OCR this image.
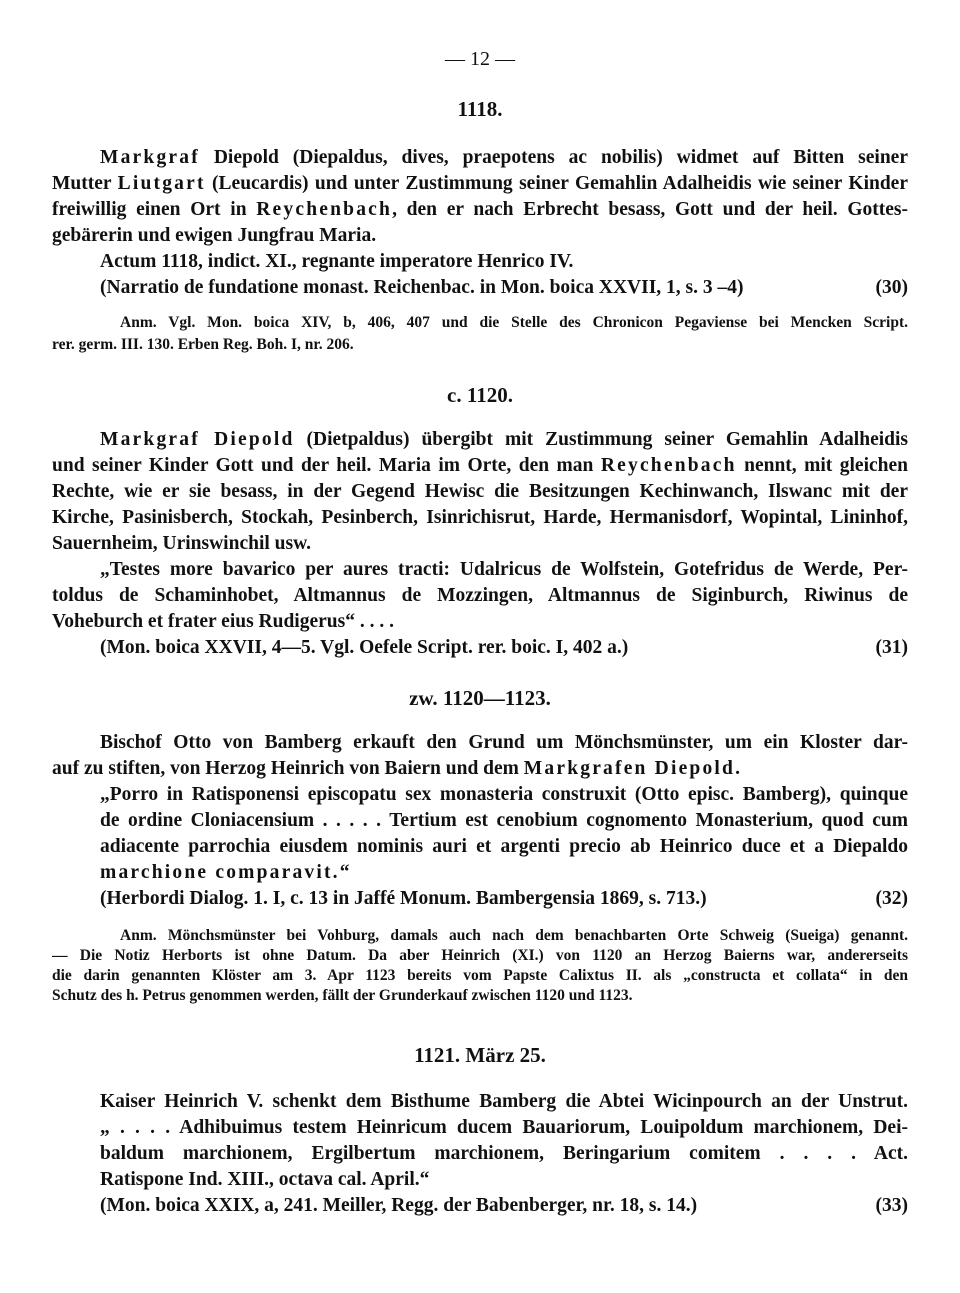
— 12 —
1118.
Markgraf Diepold (Diepaldus, dives, praepotens ac nobilis) widmet auf Bitten seiner
Mutter Liutgart (Leucardis) und unter Zustimmung seiner Gemahlin Adalheidis wie seiner Kinder
freiwillig einen Ort in Reychenbach, den er nach Erbrecht besass, Gott und der heil. Gottes-
gebärerin und ewigen Jungfrau Maria.
Actum 1118, indict. XI., regnante imperatore Henrico IV.
(Narratio de fundatione monast. Reichenbac. in Mon. boica XXVII, 1, s. 3 –4)	(30)
Anm. Vgl. Mon. boica XIV, b, 406, 407 und die Stelle des Chronicon Pegaviense bei Mencken Script.
rer. germ. III. 130. Erben Reg. Boh. I, nr. 206.
c. 1120.
Markgraf Diepold (Dietpaldus) übergibt mit Zustimmung seiner Gemahlin Adalheidis
und seiner Kinder Gott und der heil. Maria im Orte, den man Reychenbach nennt, mit gleichen
Rechte, wie er sie besass, in der Gegend Hewisc die Besitzungen Kechinwanch, Ilswanc mit der
Kirche, Pasinisberch, Stockah, Pesinberch, Isinrichisrut, Harde, Hermanisdorf, Wopintal, Lininhof,
Sauernheim, Urinswinchil usw.
„Testes more bavarico per aures tracti: Udalricus de Wolfstein, Gotefridus de Werde, Per-
toldus de Schaminhobet, Altmannus de Mozzingen, Altmannus de Siginburch, Riwinus de
Voheburch et frater eius Rudigerus“ . . . .
(Mon. boica XXVII, 4—5. Vgl. Oefele Script. rer. boic. I, 402 a.)	(31)
zw. 1120—1123.
Bischof Otto von Bamberg erkauft den Grund um Mönchsmünster, um ein Kloster dar-
auf zu stiften, von Herzog Heinrich von Baiern und dem Markgrafen Diepold.
„Porro in Ratisponensi episcopatu sex monasteria construxit (Otto episc. Bamberg), quinque
de ordine Cloniacensium . . . . . Tertium est cenobium cognomento Monasterium, quod cum
adiacente parrochia eiusdem nominis auri et argenti precio ab Heinrico duce et a Diepaldo
marchione comparavit.“
(Herbordi Dialog. 1. I, c. 13 in Jaffé Monum. Bambergensia 1869, s. 713.)	(32)
Anm. Mönchsmünster bei Vohburg, damals auch nach dem benachbarten Orte Schweig (Sueiga) genannt.
— Die Notiz Herborts ist ohne Datum. Da aber Heinrich (XI.) von 1120 an Herzog Baierns war, andererseits
die darin genannten Klöster am 3. Apr 1123 bereits vom Papste Calixtus II. als „constructa et collata“ in den
Schutz des h. Petrus genommen werden, fällt der Grunderkauf zwischen 1120 und 1123.
1121. März 25.
Kaiser Heinrich V. schenkt dem Bisthume Bamberg die Abtei Wicinpourch an der Unstrut.
„ . . . . Adhibuimus testem Heinricum ducem Bauariorum, Louipoldum marchionem, Dei-
baldum marchionem, Ergilbertum marchionem, Beringarium comitem . . . . Act.
Ratispone Ind. XIII., octava cal. April.“
(Mon. boica XXIX, a, 241. Meiller, Regg. der Babenberger, nr. 18, s. 14.)	(33)
